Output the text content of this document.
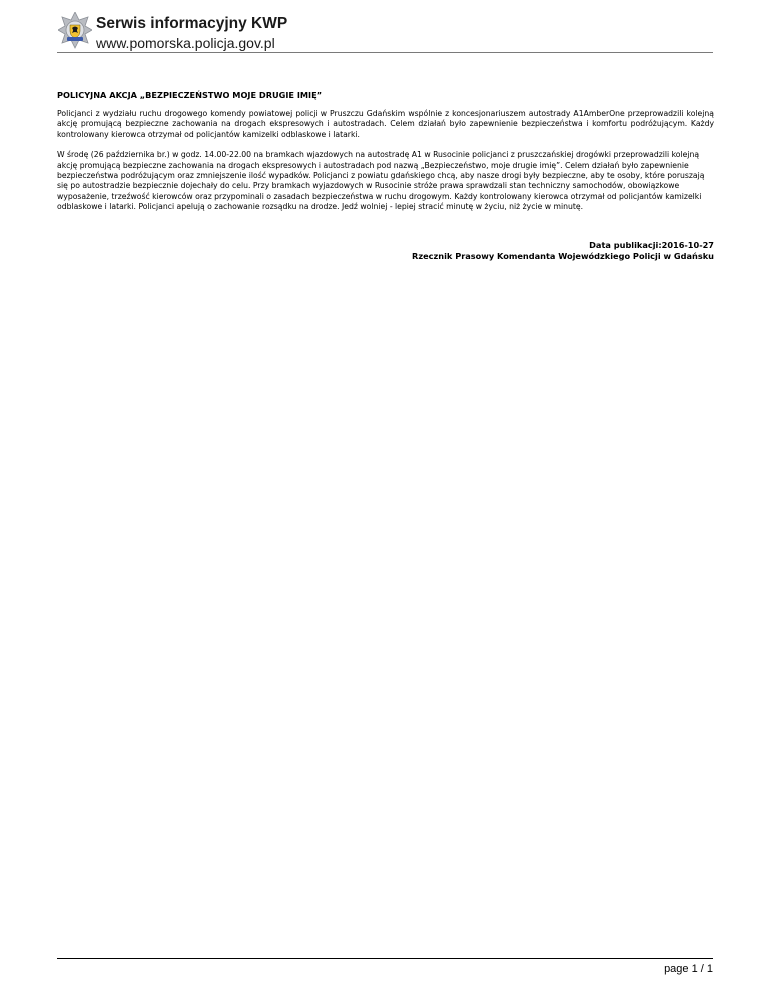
Serwis informacyjny KWP
www.pomorska.policja.gov.pl
POLICYJNA AKCJA „BEZPIECZEŃSTWO MOJE DRUGIE IMIĘ”

Policjanci z wydziału ruchu drogowego komendy powiatowej policji w Pruszczu Gdańskim wspólnie z koncesjonariuszem autostrady A1AmberOne przeprowadzili kolejną akcję promującą bezpieczne zachowania na drogach ekspresowych i autostradach. Celem działań było zapewnienie bezpieczeństwa i komfortu podróżującym. Każdy kontrolowany kierowca otrzymał od policjantów kamizelki odblaskowe i latarki.

W środę (26 października br.) w godz. 14.00-22.00 na bramkach wjazdowych na autostradę A1 w Rusocinie policjanci z pruszczańskiej drogówki przeprowadzili kolejną akcję promującą bezpieczne zachowania na drogach ekspresowych i autostradach pod nazwą „Bezpieczeństwo, moje drugie imię”. Celem działań było zapewnienie bezpieczeństwa podróżującym oraz zmniejszenie ilość wypadków. Policjanci z powiatu gdańskiego chcą, aby nasze drogi były bezpieczne, aby te osoby, które poruszają się po autostradzie bezpiecznie dojechały do celu. Przy bramkach wyjazdowych w Rusocinie stróże prawa sprawdzali stan techniczny samochodów, obowiązkowe wyposażenie, trzeźwość kierowców oraz przypominali o zasadach bezpieczeństwa w ruchu drogowym. Każdy kontrolowany kierowca otrzymał od policjantów kamizelki odblaskowe i latarki. Policjanci apelują o zachowanie rozsądku na drodze. Jedź wolniej - lepiej stracić minutę w życiu, niż życie w minutę.

Data publikacji:2016-10-27
Rzecznik Prasowy Komendanta Wojewódzkiego Policji w Gdańsku
page 1 / 1
